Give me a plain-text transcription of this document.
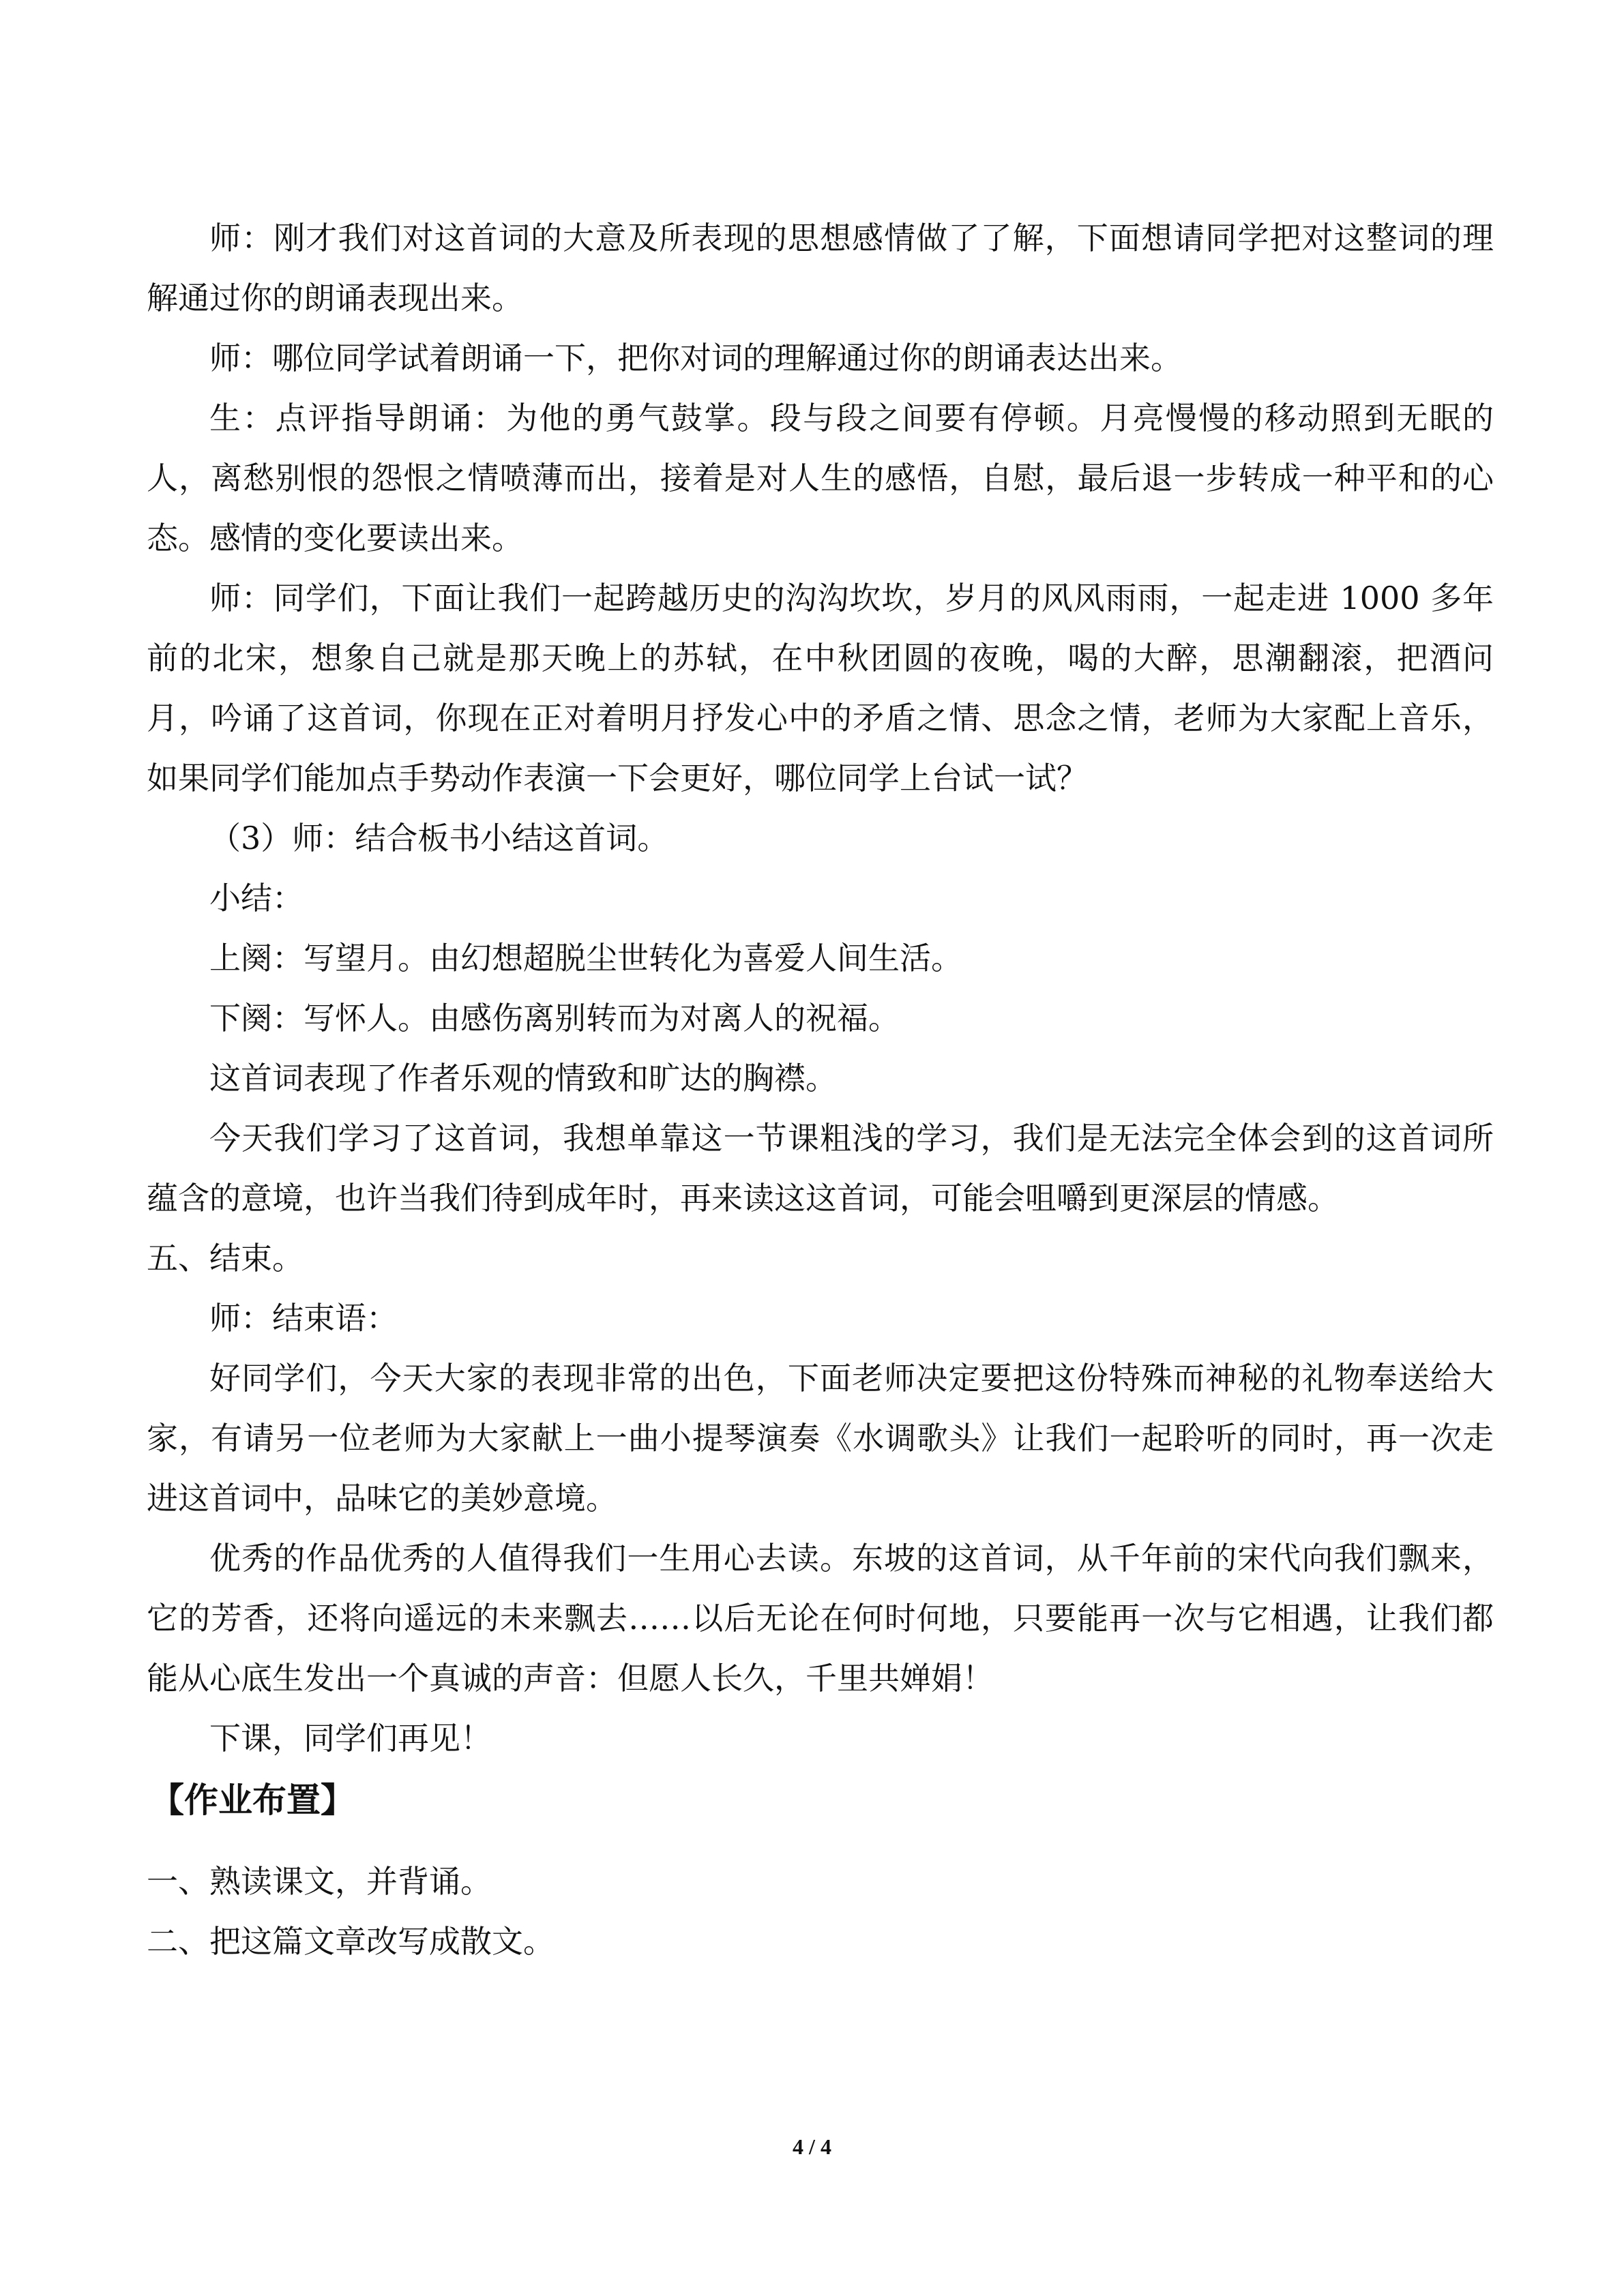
师：刚才我们对这首词的大意及所表现的思想感情做了了解，下面想请同学把对这整词的理解通过你的朗诵表现出来。

师：哪位同学试着朗诵一下，把你对词的理解通过你的朗诵表达出来。

生：点评指导朗诵：为他的勇气鼓掌。段与段之间要有停顿。月亮慢慢的移动照到无眠的人，离愁别恨的怨恨之情喷薄而出，接着是对人生的感悟，自慰，最后退一步转成一种平和的心态。感情的变化要读出来。

师：同学们，下面让我们一起跨越历史的沟沟坎坎，岁月的风风雨雨，一起走进 1000 多年前的北宋，想象自己就是那天晚上的苏轼，在中秋团圆的夜晚，喝的大醉，思潮翻滚，把酒问月，吟诵了这首词，你现在正对着明月抒发心中的矛盾之情、思念之情，老师为大家配上音乐，如果同学们能加点手势动作表演一下会更好，哪位同学上台试一试？

（3）师：结合板书小结这首词。

小结：

上阕：写望月。由幻想超脱尘世转化为喜爱人间生活。

下阕：写怀人。由感伤离别转而为对离人的祝福。

这首词表现了作者乐观的情致和旷达的胸襟。

今天我们学习了这首词，我想单靠这一节课粗浅的学习，我们是无法完全体会到的这首词所蕴含的意境，也许当我们待到成年时，再来读这这首词，可能会咀嚼到更深层的情感。

五、结束。

师：结束语：

好同学们，今天大家的表现非常的出色，下面老师决定要把这份特殊而神秘的礼物奉送给大家，有请另一位老师为大家献上一曲小提琴演奏《水调歌头》让我们一起聆听的同时，再一次走进这首词中，品味它的美妙意境。

优秀的作品优秀的人值得我们一生用心去读。东坡的这首词，从千年前的宋代向我们飘来，它的芳香，还将向遥远的未来飘去……以后无论在何时何地，只要能再一次与它相遇，让我们都能从心底生发出一个真诚的声音：但愿人长久，千里共婵娟！

下课，同学们再见！

【作业布置】

一、熟读课文，并背诵。

二、把这篇文章改写成散文。

4 / 4
